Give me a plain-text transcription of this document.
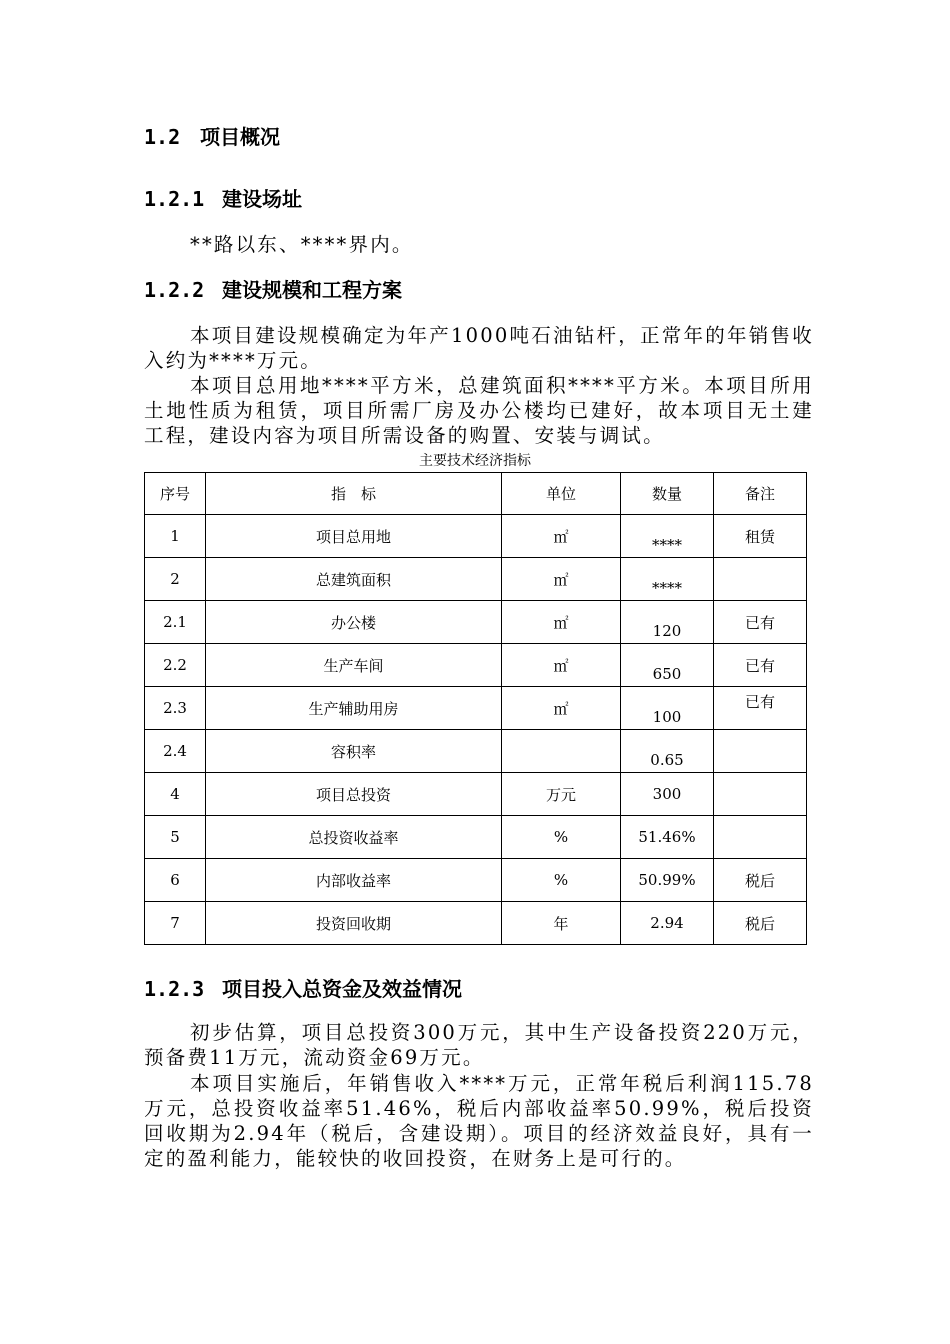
1.2 项目概况
1.2.1 建设场址
**路以东、****界内。
1.2.2 建设规模和工程方案
本项目建设规模确定为年产1000吨石油钻杆，正常年的年销售收入约为****万元。
本项目总用地****平方米，总建筑面积****平方米。本项目所用土地性质为租赁，项目所需厂房及办公楼均已建好，故本项目无土建工程，建设内容为项目所需设备的购置、安装与调试。
主要技术经济指标
序号	指　标	单位	数量	备注
1	项目总用地	㎡	****	租赁
2	总建筑面积	㎡	****	

2.1	办公楼	㎡	120	已有
2.2	生产车间	㎡	650	已有
2.3	生产辅助用房	㎡	100	已有

2.4	容积率		0.65	

4	项目总投资	万元	300	
5	总投资收益率	%	51.46%	
6	内部收益率	%	50.99%	税后
7	投资回收期	年	2.94	税后
1.2.3 项目投入总资金及效益情况
初步估算，项目总投资300万元，其中生产设备投资220万元，预备费11万元，流动资金69万元。
本项目实施后，年销售收入****万元，正常年税后利润115.78万元，总投资收益率51.46%，税后内部收益率50.99%，税后投资回收期为2.94年（税后，含建设期）。项目的经济效益良好，具有一定的盈利能力，能较快的收回投资，在财务上是可行的。
